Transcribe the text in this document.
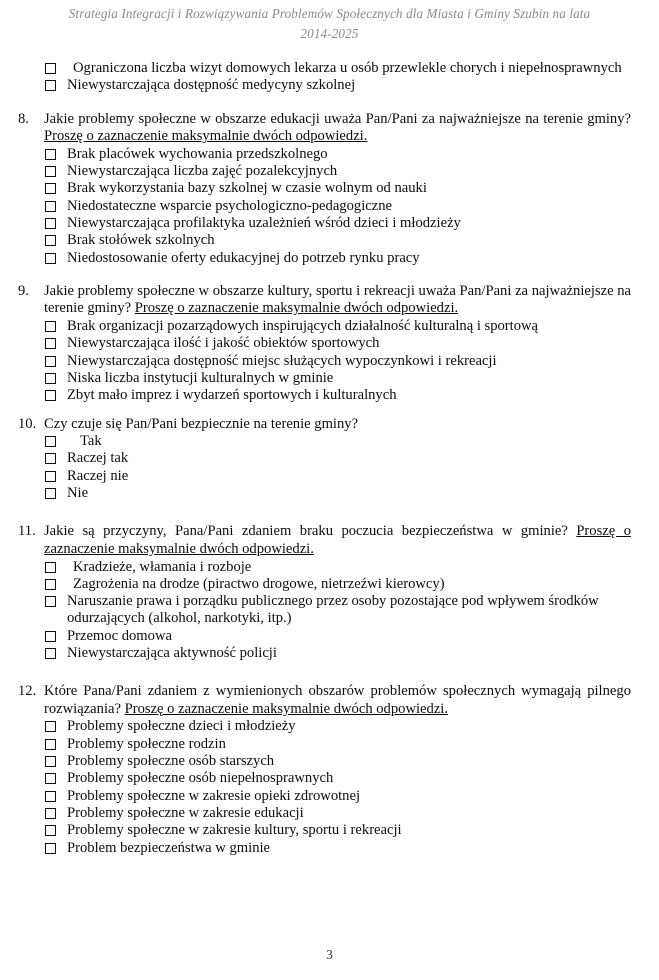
Strategia Integracji i Rozwiązywania Problemów Społecznych dla Miasta i Gminy Szubin na lata
2014-2025
Ograniczona liczba wizyt domowych lekarza u osób przewlekle chorych i niepełnosprawnych
Niewystarczająca dostępność medycyny szkolnej
8.	Jakie problemy społeczne w obszarze edukacji uważa Pan/Pani za najważniejsze na terenie gminy? Proszę o zaznaczenie maksymalnie dwóch odpowiedzi.
Brak placówek wychowania przedszkolnego
Niewystarczająca liczba zajęć pozalekcyjnych
Brak wykorzystania bazy szkolnej w czasie wolnym od nauki
Niedostateczne wsparcie psychologiczno-pedagogiczne
Niewystarczająca profilaktyka uzależnień wśród dzieci i młodzieży
Brak stołówek szkolnych
Niedostosowanie oferty edukacyjnej do potrzeb rynku pracy
9.	Jakie problemy społeczne w obszarze kultury, sportu i rekreacji uważa Pan/Pani za najważniejsze na terenie gminy? Proszę o zaznaczenie maksymalnie dwóch odpowiedzi.
Brak organizacji pozarządowych inspirujących działalność kulturalną i sportową
Niewystarczająca ilość i jakość obiektów sportowych
Niewystarczająca dostępność miejsc służących wypoczynkowi i rekreacji
Niska liczba instytucji kulturalnych w gminie
Zbyt mało imprez i wydarzeń sportowych i kulturalnych
10. Czy czuje się Pan/Pani bezpiecznie na terenie gminy?
Tak
Raczej tak
Raczej nie
Nie
11. Jakie są przyczyny, Pana/Pani zdaniem braku poczucia bezpieczeństwa w gminie? Proszę o zaznaczenie maksymalnie dwóch odpowiedzi.
Kradzieże, włamania i rozboje
Zagrożenia na drodze (piractwo drogowe, nietrzeźwi kierowcy)
Naruszanie prawa i porządku publicznego przez osoby pozostające pod wpływem środków odurzających (alkohol, narkotyki, itp.)
Przemoc domowa
Niewystarczająca aktywność policji
12. Które Pana/Pani zdaniem z wymienionych obszarów problemów społecznych wymagają pilnego rozwiązania? Proszę o zaznaczenie maksymalnie dwóch odpowiedzi.
Problemy społeczne dzieci i młodzieży
Problemy społeczne rodzin
Problemy społeczne osób starszych
Problemy społeczne osób niepełnosprawnych
Problemy społeczne w zakresie opieki zdrowotnej
Problemy społeczne w zakresie edukacji
Problemy społeczne w zakresie kultury, sportu i rekreacji
Problem bezpieczeństwa w gminie
3
